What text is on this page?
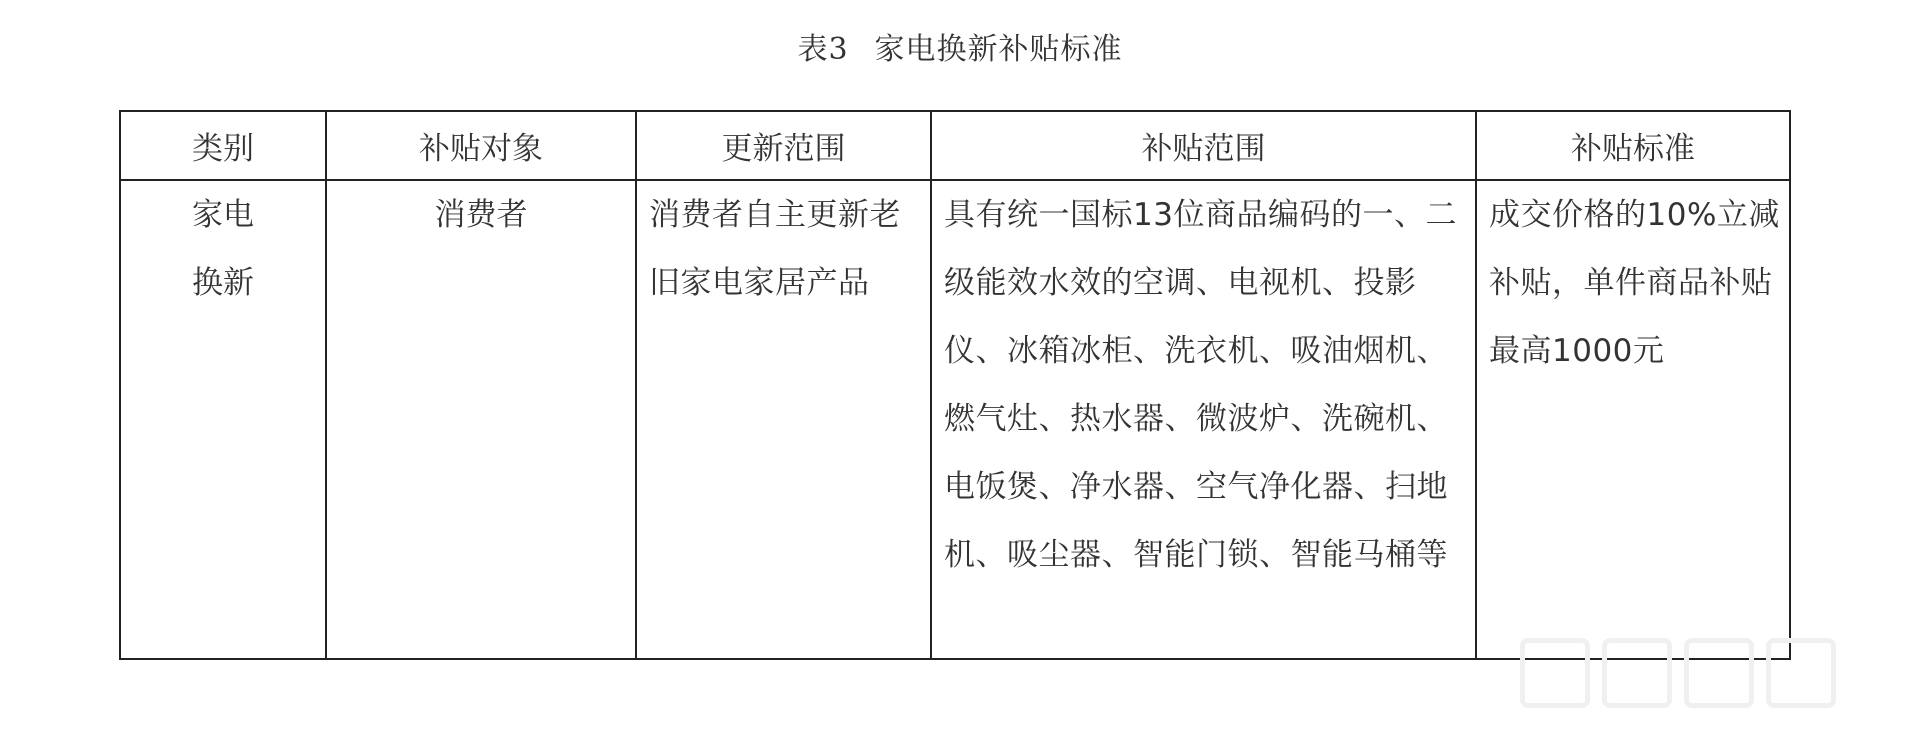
表3 家电换新补贴标准
类别	补贴对象	更新范围	补贴范围	补贴标准

家电换新	消费者	消费者自主更新老旧家电家居产品	具有统一国标13位商品编码的一、二级能效水效的空调、电视机、投影仪、冰箱冰柜、洗衣机、吸油烟机、燃气灶、热水器、微波炉、洗碗机、电饭煲、净水器、空气净化器、扫地机、吸尘器、智能门锁、智能马桶等	成交价格的10%立减补贴，单件商品补贴最高1000元
